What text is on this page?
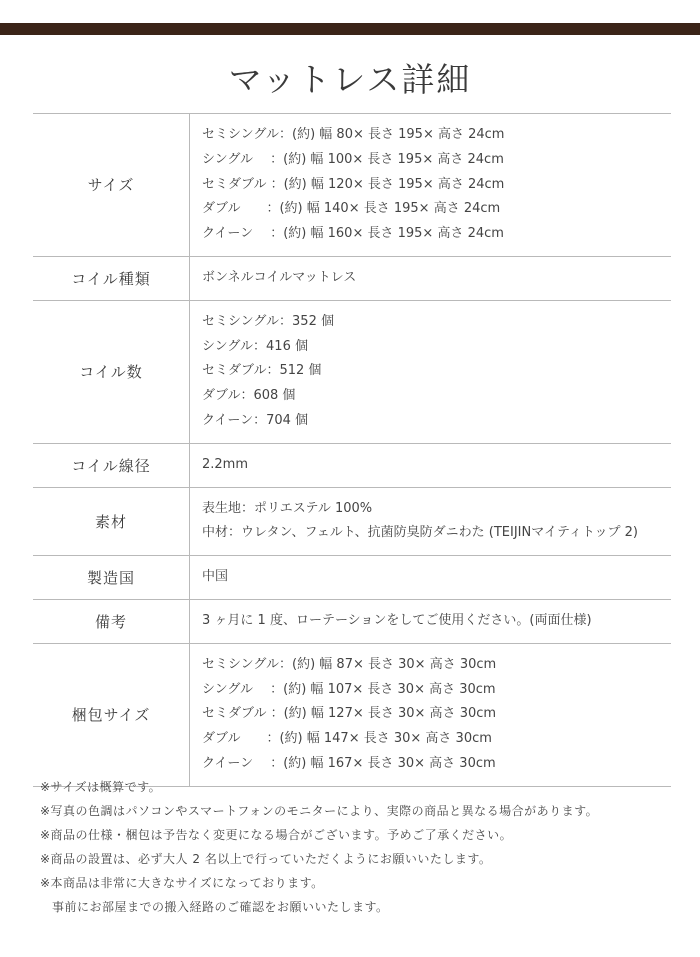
マットレス詳細
サイズ	セミシングル：(約) 幅 80× 長さ 195× 高さ 24cm
シングル　 ：(約) 幅 100× 長さ 195× 高さ 24cm
セミダブル ：(約) 幅 120× 長さ 195× 高さ 24cm
ダブル　　：(約) 幅 140× 長さ 195× 高さ 24cm
クイーン　 ：(約) 幅 160× 長さ 195× 高さ 24cm

コイル種類	ボンネルコイルマットレス

コイル数	セミシングル：352 個
シングル：416 個
セミダブル：512 個
ダブル：608 個
クイーン：704 個

コイル線径	2.2mm

素材	表生地：ポリエステル 100%
中材：ウレタン、フェルト、抗菌防臭防ダニわた (TEIJINマイティトップ 2)

製造国	中国

備考	3 ヶ月に 1 度、ローテーションをしてご使用ください。(両面仕様)

梱包サイズ	セミシングル：(約) 幅 87× 長さ 30× 高さ 30cm
シングル　 ：(約) 幅 107× 長さ 30× 高さ 30cm
セミダブル ：(約) 幅 127× 長さ 30× 高さ 30cm
ダブル　　：(約) 幅 147× 長さ 30× 高さ 30cm
クイーン　 ：(約) 幅 167× 長さ 30× 高さ 30cm
※サイズは概算です。
※写真の色調はパソコンやスマートフォンのモニターにより、実際の商品と異なる場合があります。
※商品の仕様・梱包は予告なく変更になる場合がございます。予めご了承ください。
※商品の設置は、必ず大人 2 名以上で行っていただくようにお願いいたします。
※本商品は非常に大きなサイズになっております。
事前にお部屋までの搬入経路のご確認をお願いいたします。
